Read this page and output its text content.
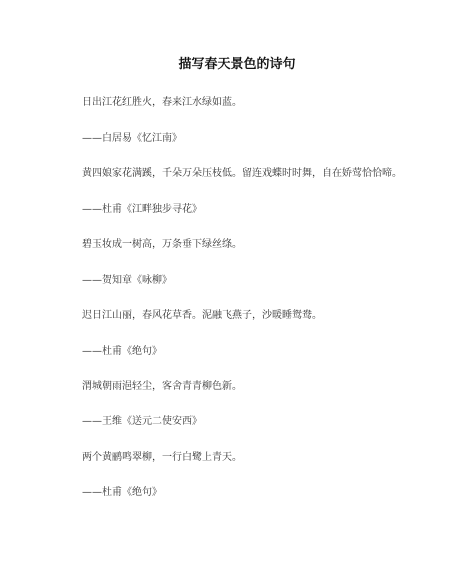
描写春天景色的诗句
日出江花红胜火，春来江水绿如蓝。
——白居易《忆江南》
黄四娘家花满蹊，千朵万朵压枝低。留连戏蝶时时舞，自在娇莺恰恰啼。
——杜甫《江畔独步寻花》
碧玉妆成一树高，万条垂下绿丝绦。
——贺知章《咏柳》
迟日江山丽，春风花草香。泥融飞燕子，沙暖睡鸳鸯。
——杜甫《绝句》
渭城朝雨浥轻尘，客舍青青柳色新。
——王维《送元二使安西》
两个黄鹂鸣翠柳，一行白鹭上青天。
——杜甫《绝句》
